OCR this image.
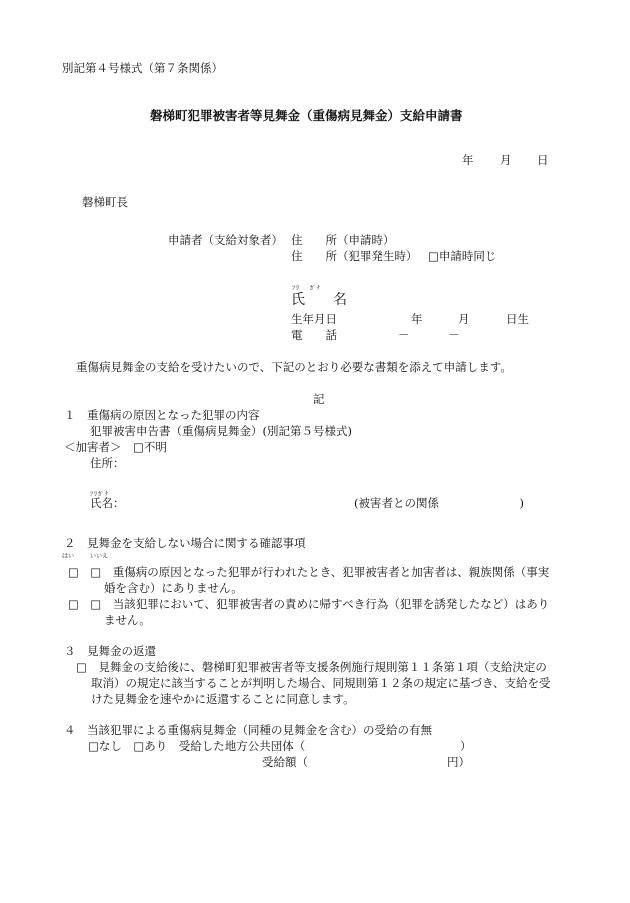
別記第４号様式（第７条関係）
磐梯町犯罪被害者等見舞金（重傷病見舞金）支給申請書
年 月 日
磐梯町長
申請者（支給対象者） 住　　所（申請時）
住　　所（犯罪発生時） □申請時同じ
ﾌﾘ　 ｶﾞﾅ
氏　　名
生年月日	年	月	日生
電　　話	－	－
重傷病見舞金の支給を受けたいので、下記のとおり必要な書類を添えて申請します。
記
１　重傷病の原因となった犯罪の内容
犯罪被害申告書（重傷病見舞金）(別記第５号様式)
＜加害者＞　□不明
住所：
ﾌﾘｶﾞﾅ
氏名：	(被害者との関係　　　　　　　)
２　見舞金を支給しない場合に関する確認事項
はい	いいえ
□　□　重傷病の原因となった犯罪が行われたとき、犯罪被害者と加害者は、親族関係（事実
婚を含む）にありません。
□　□　当該犯罪において、犯罪被害者の責めに帰すべき行為（犯罪を誘発したなど）はあり
ません。
３　見舞金の返還
□　見舞金の支給後に、磐梯町犯罪被害者等支援条例施行規則第１１条第１項（支給決定の
取消）の規定に該当することが判明した場合、同規則第１２条の規定に基づき、支給を受
けた見舞金を速やかに返還することに同意します。
４　当該犯罪による重傷病見舞金（同種の見舞金を含む）の受給の有無
□なし　□あり　受給した地方公共団体（	）
受給額（	円）
